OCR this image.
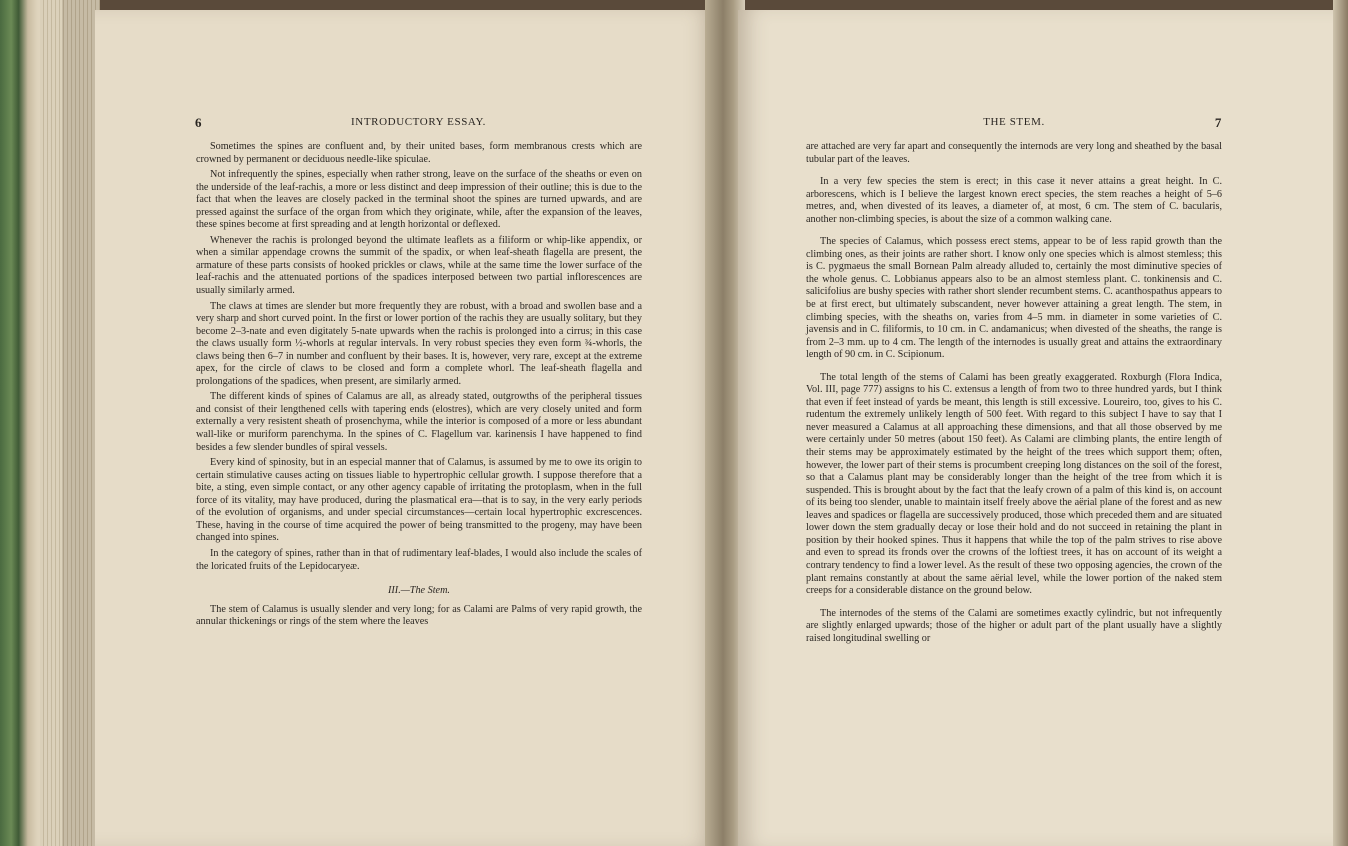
6	INTRODUCTORY ESSAY.

Sometimes the spines are confluent and, by their united bases, form membranous crests which are crowned by permanent or deciduous needle-like spiculae.

Not infrequently the spines, especially when rather strong, leave on the surface of the sheaths or even on the underside of the leaf-rachis, a more or less distinct and deep impression of their outline; this is due to the fact that when the leaves are closely packed in the terminal shoot the spines are turned upwards, and are pressed against the surface of the organ from which they originate, while, after the expansion of the leaves, these spines become at first spreading and at length horizontal or deflexed.

Whenever the rachis is prolonged beyond the ultimate leaflets as a filiform or whip-like appendix, or when a similar appendage crowns the summit of the spadix, or when leaf-sheath flagella are present, the armature of these parts consists of hooked prickles or claws, while at the same time the lower surface of the leaf-rachis and the attenuated portions of the spadices interposed between two partial inflorescences are usually similarly armed.

The claws at times are slender but more frequently they are robust, with a broad and swollen base and a very sharp and short curved point. In the first or lower portion of the rachis they are usually solitary, but they become 2–3-nate and even digitately 5-nate upwards when the rachis is prolonged into a cirrus; in this case the claws usually form ½-whorls at regular intervals. In very robust species they even form ¾-whorls, the claws being then 6–7 in number and confluent by their bases. It is, however, very rare, except at the extreme apex, for the circle of claws to be closed and form a complete whorl. The leaf-sheath flagella and prolongations of the spadices, when present, are similarly armed.

The different kinds of spines of Calamus are all, as already stated, outgrowths of the peripheral tissues and consist of their lengthened cells with tapering ends (elostres), which are very closely united and form externally a very resistent sheath of prosenchyma, while the interior is composed of a more or less abundant wall-like or muriform parenchyma. In the spines of C. Flagellum var. karinensis I have happened to find besides a few slender bundles of spiral vessels.

Every kind of spinosity, but in an especial manner that of Calamus, is assumed by me to owe its origin to certain stimulative causes acting on tissues liable to hypertrophic cellular growth. I suppose therefore that a bite, a sting, even simple contact, or any other agency capable of irritating the protoplasm, when in the full force of its vitality, may have produced, during the plasmatical era—that is to say, in the very early periods of the evolution of organisms, and under special circumstances—certain local hypertrophic excrescences. These, having in the course of time acquired the power of being transmitted to the progeny, may have been changed into spines.

In the category of spines, rather than in that of rudimentary leaf-blades, I would also include the scales of the loricated fruits of the Lepidocaryeæ.

III.—The Stem.

The stem of Calamus is usually slender and very long; for as Calami are Palms of very rapid growth, the annular thickenings or rings of the stem where the leaves

THE STEM.	7

are attached are very far apart and consequently the internods are very long and sheathed by the basal tubular part of the leaves.

In a very few species the stem is erect; in this case it never attains a great height. In C. arborescens, which is I believe the largest known erect species, the stem reaches a height of 5–6 metres, and, when divested of its leaves, a diameter of, at most, 6 cm. The stem of C. bacularis, another non-climbing species, is about the size of a common walking cane.

The species of Calamus, which possess erect stems, appear to be of less rapid growth than the climbing ones, as their joints are rather short. I know only one species which is almost stemless; this is C. pygmaeus the small Bornean Palm already alluded to, certainly the most diminutive species of the whole genus. C. Lobbianus appears also to be an almost stemless plant. C. tonkinensis and C. salicifolius are bushy species with rather short slender recumbent stems. C. acanthospathus appears to be at first erect, but ultimately subscandent, never however attaining a great length. The stem, in climbing species, with the sheaths on, varies from 4–5 mm. in diameter in some varieties of C. javensis and in C. filiformis, to 10 cm. in C. andamanicus; when divested of the sheaths, the range is from 2–3 mm. up to 4 cm. The length of the internodes is usually great and attains the extraordinary length of 90 cm. in C. Scipionum.

The total length of the stems of Calami has been greatly exaggerated. Roxburgh (Flora Indica, Vol. III, page 777) assigns to his C. extensus a length of from two to three hundred yards, but I think that even if feet instead of yards be meant, this length is still excessive. Loureiro, too, gives to his C. rudentum the extremely unlikely length of 500 feet. With regard to this subject I have to say that I never measured a Calamus at all approaching these dimensions, and that all those observed by me were certainly under 50 metres (about 150 feet). As Calami are climbing plants, the entire length of their stems may be approximately estimated by the height of the trees which support them; often, however, the lower part of their stems is procumbent creeping long distances on the soil of the forest, so that a Calamus plant may be considerably longer than the height of the tree from which it is suspended. This is brought about by the fact that the leafy crown of a palm of this kind is, on account of its being too slender, unable to maintain itself freely above the aërial plane of the forest and as new leaves and spadices or flagella are successively produced, those which preceded them and are situated lower down the stem gradually decay or lose their hold and do not succeed in retaining the plant in position by their hooked spines. Thus it happens that while the top of the palm strives to rise above and even to spread its fronds over the crowns of the loftiest trees, it has on account of its weight a contrary tendency to find a lower level. As the result of these two opposing agencies, the crown of the plant remains constantly at about the same aërial level, while the lower portion of the naked stem creeps for a considerable distance on the ground below.

The internodes of the stems of the Calami are sometimes exactly cylindric, but not infrequently are slightly enlarged upwards; those of the higher or adult part of the plant usually have a slightly raised longitudinal swelling or
